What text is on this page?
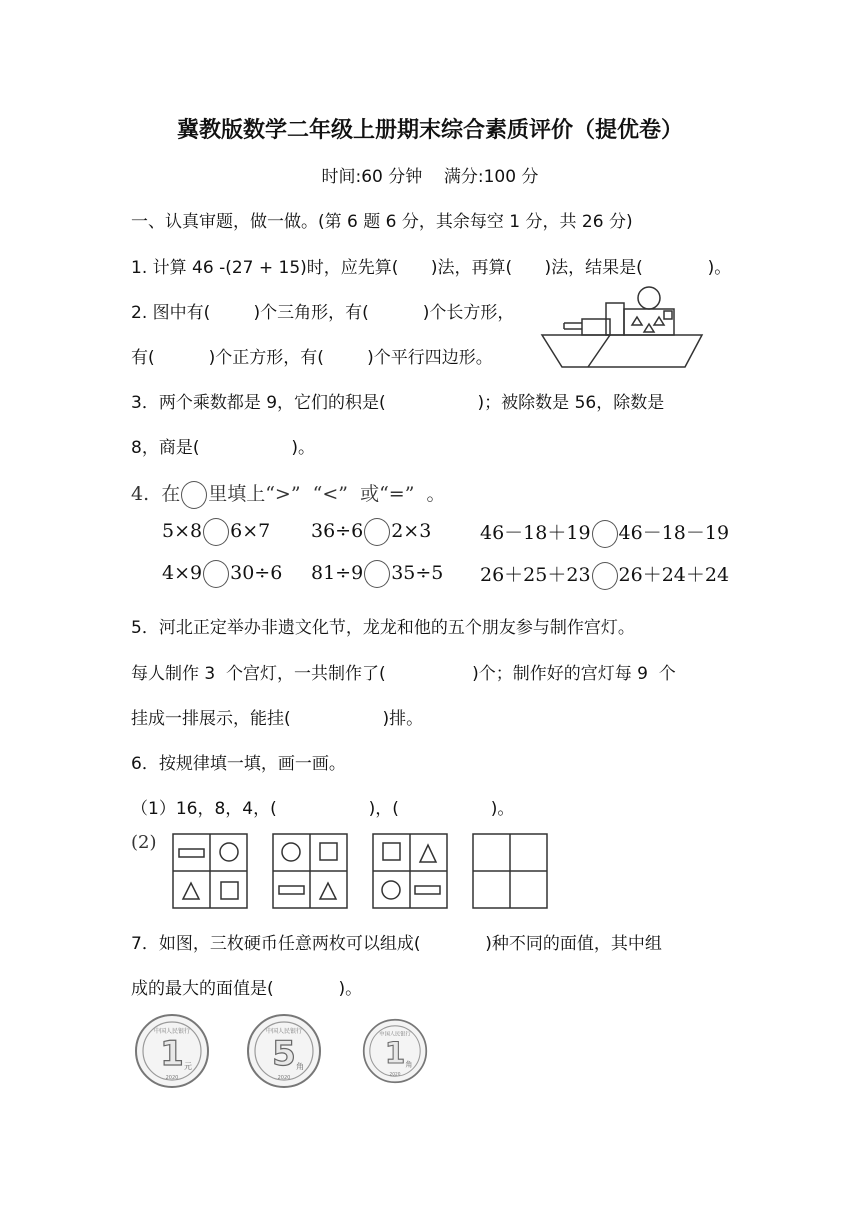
冀教版数学二年级上册期末综合素质评价（提优卷）
时间:60 分钟    满分:100 分
一、认真审题，做一做。(第 6 题 6 分，其余每空 1 分，共 26 分)
1. 计算 46 -(27 + 15)时，应先算(      )法，再算(      )法，结果是(            )。
2. 图中有(        )个三角形，有(          )个长方形，
有(          )个正方形，有(        )个平行四边形。
3．两个乘数都是 9，它们的积是(                 )；被除数是 56，除数是
8，商是(                 )。
4.  在 里填上“>”  “<”  或“=”  。
5×8 6×7 36÷6 2×3	46－18＋19 46－18－19
4×9 30÷6 81÷9 35÷5 26＋25＋23 26＋24＋24
5．河北正定举办非遗文化节，龙龙和他的五个朋友参与制作宫灯。
每人制作 3  个宫灯，一共制作了(                )个；制作好的宫灯每 9  个
挂成一排展示，能挂(                 )排。
6．按规律填一填，画一画。
（1）16，8，4，(                 )，(                 )。
(2)
7．如图，三枚硬币任意两枚可以组成(            )种不同的面值，其中组
成的最大的面值是(            )。
1 元
中国人民银行
2020
5 角
中国人民银行
2020
1 角
中国人民银行
2020
